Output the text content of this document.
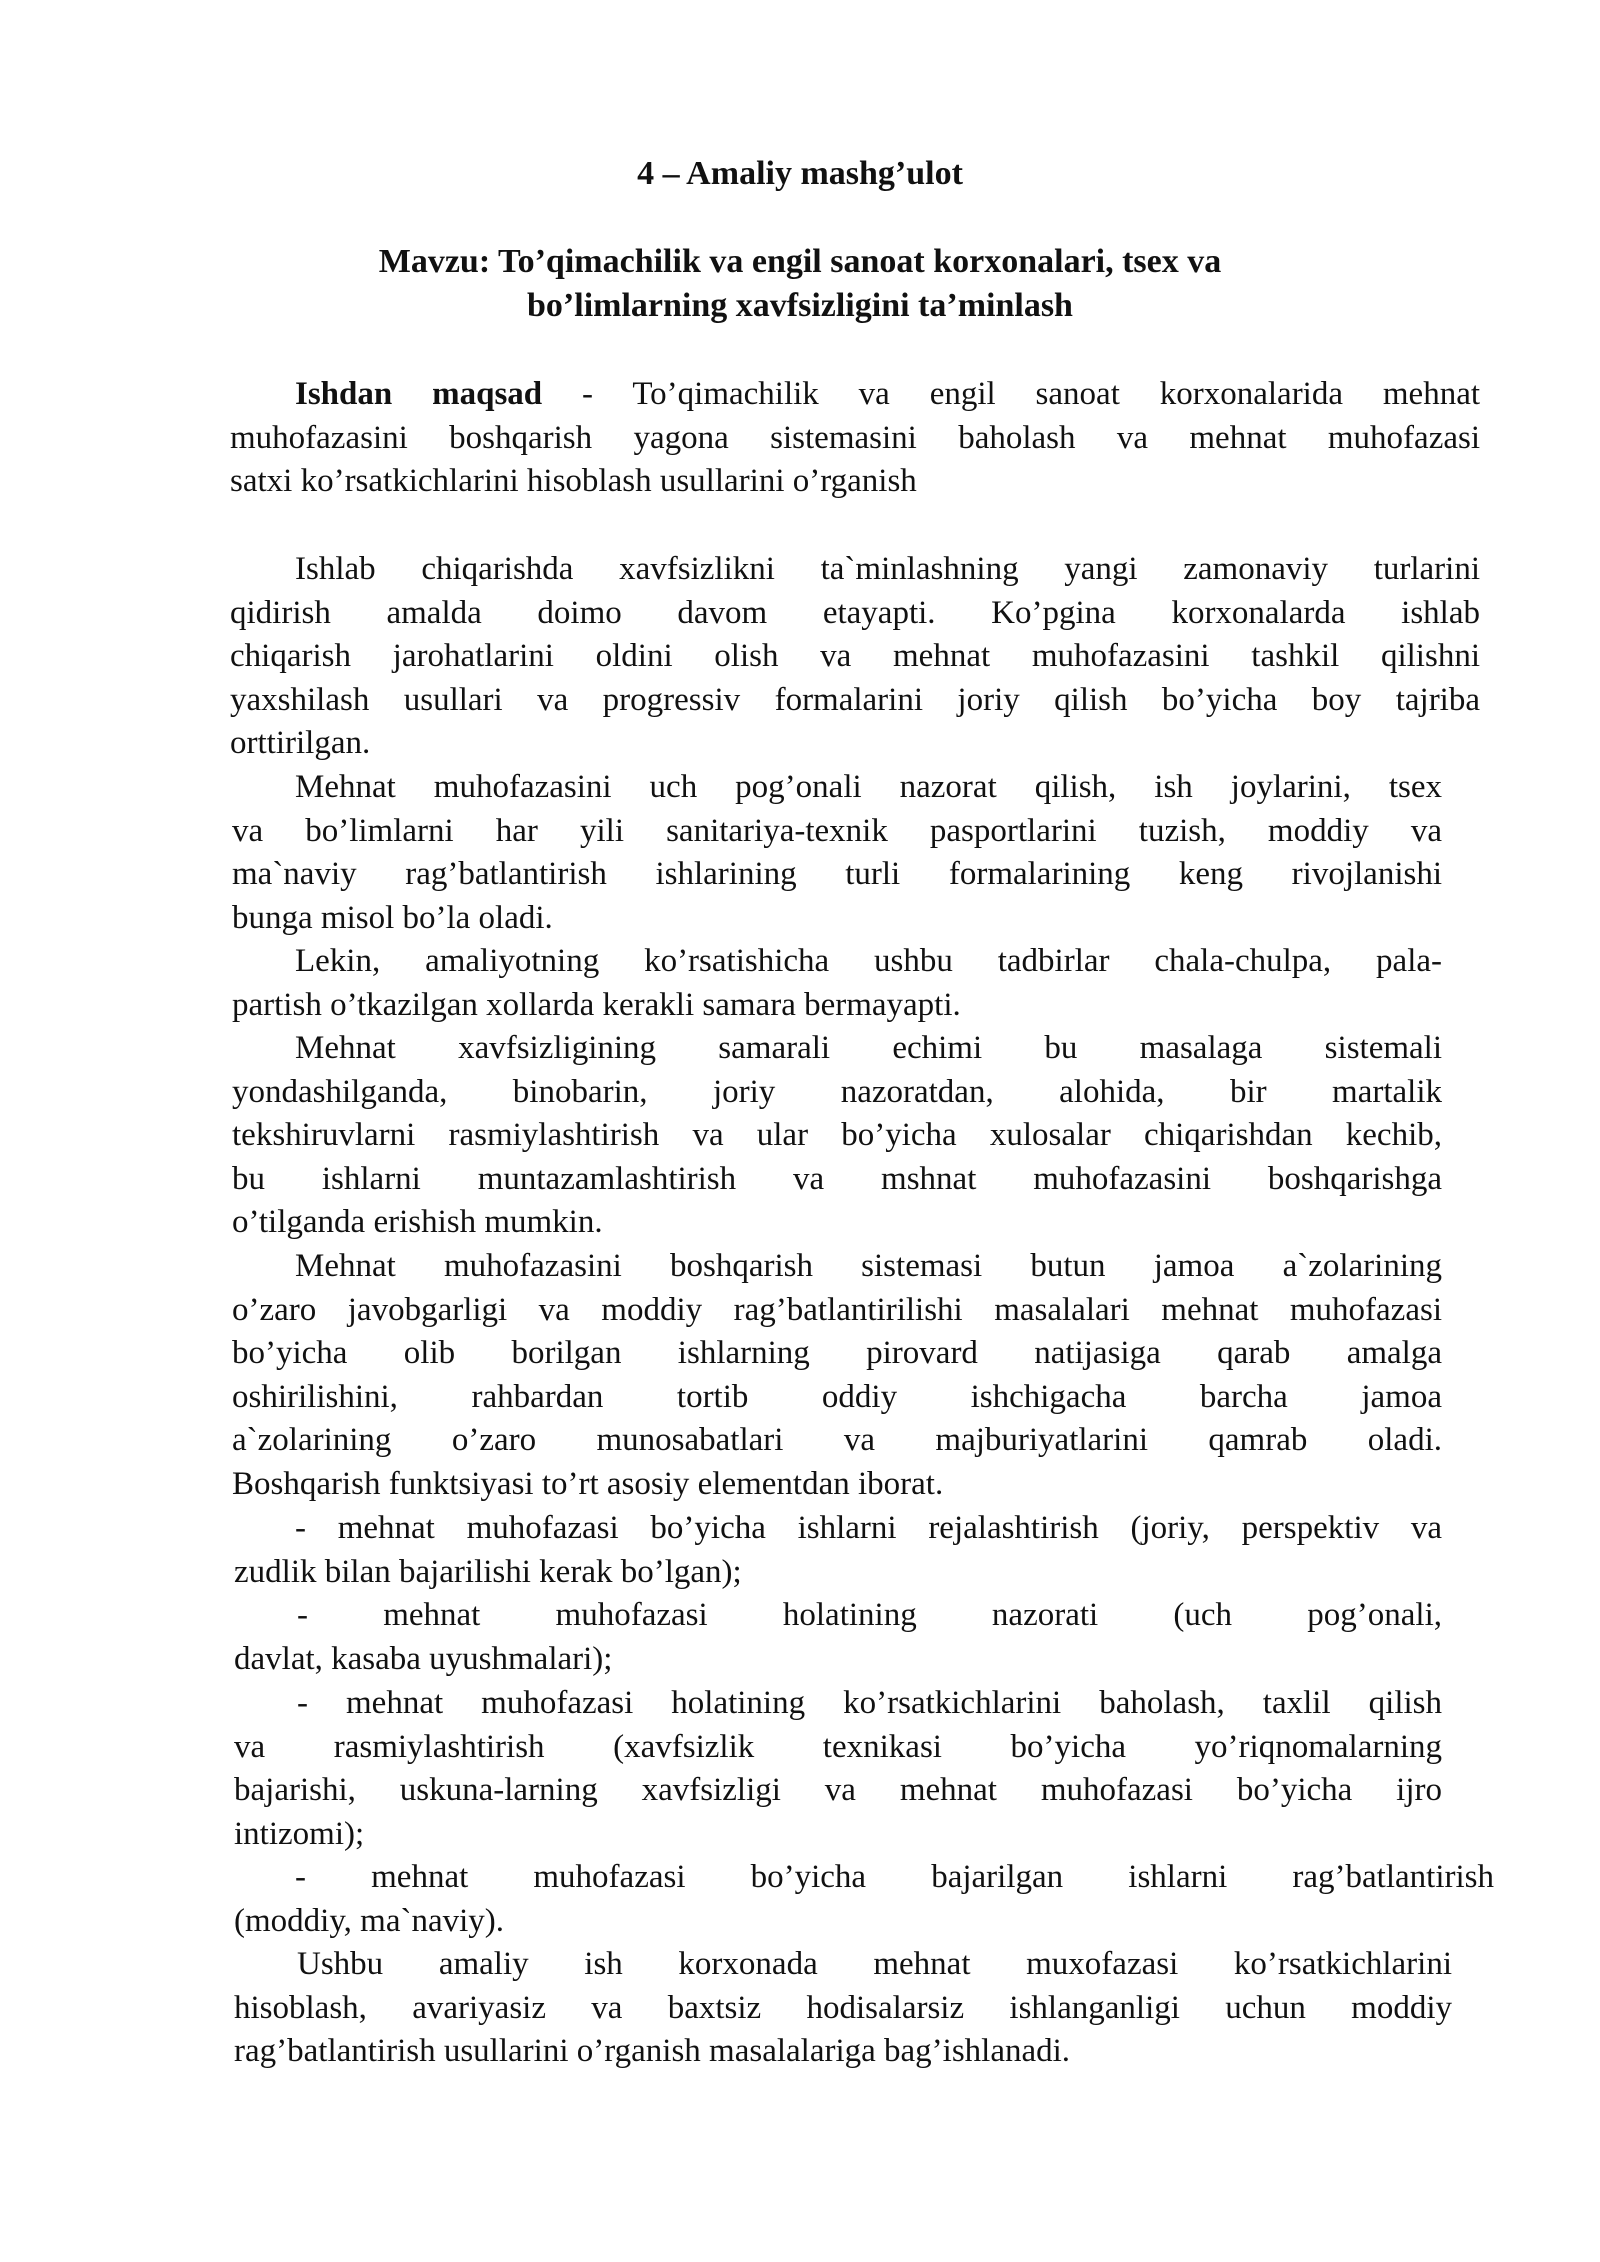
4 – Amaliy mashg’ulot
Mavzu: To’qimachilik va engil sanoat korxonalari, tsex va
bo’limlarning xavfsizligini ta’minlash
Ishdan maqsad - To’qimachilik va engil sanoat korxonalarida mehnat
muhofazasini boshqarish yagona sistemasini baholash va mehnat muhofazasi
satxi ko’rsatkichlarini hisoblash usullarini o’rganish
Ishlab chiqarishda xavfsizlikni ta`minlashning yangi zamonaviy turlarini
qidirish amalda doimo davom etayapti. Ko’pgina korxonalarda ishlab
chiqarish jarohatlarini oldini olish va mehnat muhofazasini tashkil qilishni
yaxshilash usullari va progressiv formalarini joriy qilish bo’yicha boy tajriba
orttirilgan.
Mehnat muhofazasini uch pog’onali nazorat qilish, ish joylarini, tsex
va bo’limlarni har yili sanitariya-texnik pasportlarini tuzish, moddiy va
ma`naviy rag’batlantirish ishlarining turli formalarining keng rivojlanishi
bunga misol bo’la oladi.
Lekin, amaliyotning ko’rsatishicha ushbu tadbirlar chala-chulpa, pala-
partish o’tkazilgan xollarda kerakli samara bermayapti.
Mehnat xavfsizligining samarali echimi bu masalaga sistemali
yondashilganda, binobarin, joriy nazoratdan, alohida, bir martalik
tekshiruvlarni rasmiylashtirish va ular bo’yicha xulosalar chiqarishdan kechib,
bu ishlarni muntazamlashtirish va mshnat muhofazasini boshqarishga
o’tilganda erishish mumkin.
Mehnat muhofazasini boshqarish sistemasi butun jamoa a`zolarining
o’zaro javobgarligi va moddiy rag’batlantirilishi masalalari mehnat muhofazasi
bo’yicha olib borilgan ishlarning pirovard natijasiga qarab amalga
oshirilishini, rahbardan tortib oddiy ishchigacha barcha jamoa
a`zolarining o’zaro munosabatlari va majburiyatlarini qamrab oladi.
Boshqarish funktsiyasi to’rt asosiy elementdan iborat.
- mehnat muhofazasi bo’yicha ishlarni rejalashtirish (joriy, perspektiv va
zudlik bilan bajarilishi kerak bo’lgan);
- mehnat muhofazasi holatining nazorati (uch pog’onali,
davlat, kasaba uyushmalari);
- mehnat muhofazasi holatining ko’rsatkichlarini baholash, taxlil qilish
va rasmiylashtirish (xavfsizlik texnikasi bo’yicha yo’riqnomalarning
bajarishi, uskuna-larning xavfsizligi va mehnat muhofazasi bo’yicha ijro
intizomi);
- mehnat muhofazasi bo’yicha bajarilgan ishlarni rag’batlantirish
(moddiy, ma`naviy).
Ushbu amaliy ish korxonada mehnat muxofazasi ko’rsatkichlarini
hisoblash, avariyasiz va baxtsiz hodisalarsiz ishlanganligi uchun moddiy
rag’batlantirish usullarini o’rganish masalalariga bag’ishlanadi.
